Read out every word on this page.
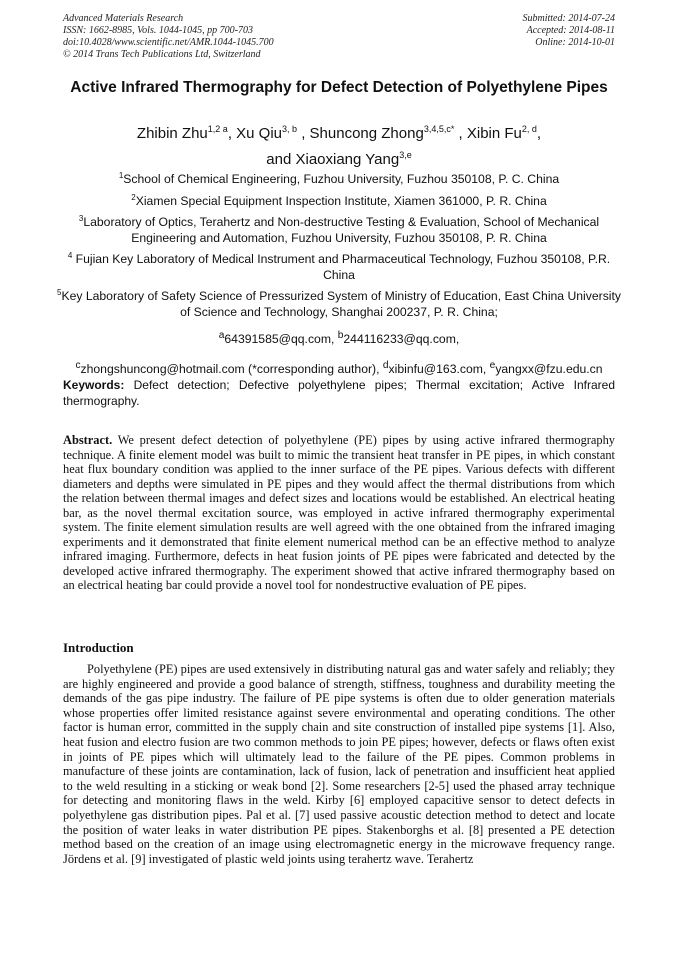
Advanced Materials Research
ISSN: 1662-8985, Vols. 1044-1045, pp 700-703
doi:10.4028/www.scientific.net/AMR.1044-1045.700
© 2014 Trans Tech Publications Ltd, Switzerland
Submitted: 2014-07-24
Accepted: 2014-08-11
Online: 2014-10-01
Active Infrared Thermography for Defect Detection of Polyethylene Pipes
Zhibin Zhu$^{1,2 a}$, Xu Qiu$^{3, b}$ , Shuncong Zhong$^{3,4,5,c*}$ , Xibin Fu$^{2, d}$,
and Xiaoxiang Yang$^{3,e}$
$^1$School of Chemical Engineering, Fuzhou University, Fuzhou 350108, P. C. China
$^2$Xiamen Special Equipment Inspection Institute, Xiamen 361000, P. R. China
$^3$Laboratory of Optics, Terahertz and Non-destructive Testing & Evaluation, School of Mechanical Engineering and Automation, Fuzhou University, Fuzhou 350108, P. R. China
$^4$ Fujian Key Laboratory of Medical Instrument and Pharmaceutical Technology, Fuzhou 350108, P.R. China
$^5$Key Laboratory of Safety Science of Pressurized System of Ministry of Education, East China University of Science and Technology, Shanghai 200237, P. R. China;
$^a$64391585@qq.com, $^b$244116233@qq.com,
$^c$zhongshuncong@hotmail.com (*corresponding author), $^d$xibinfu@163.com, $^e$yangxx@fzu.edu.cn
Keywords: Defect detection; Defective polyethylene pipes; Thermal excitation; Active Infrared thermography.
Abstract. We present defect detection of polyethylene (PE) pipes by using active infrared thermography technique. A finite element model was built to mimic the transient heat transfer in PE pipes, in which constant heat flux boundary condition was applied to the inner surface of the PE pipes. Various defects with different diameters and depths were simulated in PE pipes and they would affect the thermal distributions from which the relation between thermal images and defect sizes and locations would be established. An electrical heating bar, as the novel thermal excitation source, was employed in active infrared thermography experimental system. The finite element simulation results are well agreed with the one obtained from the infrared imaging experiments and it demonstrated that finite element numerical method can be an effective method to analyze infrared imaging. Furthermore, defects in heat fusion joints of PE pipes were fabricated and detected by the developed active infrared thermography. The experiment showed that active infrared thermography based on an electrical heating bar could provide a novel tool for nondestructive evaluation of PE pipes.
Introduction
Polyethylene (PE) pipes are used extensively in distributing natural gas and water safely and reliably; they are highly engineered and provide a good balance of strength, stiffness, toughness and durability meeting the demands of the gas pipe industry. The failure of PE pipe systems is often due to older generation materials whose properties offer limited resistance against severe environmental and operating conditions. The other factor is human error, committed in the supply chain and site construction of installed pipe systems [1]. Also, heat fusion and electro fusion are two common methods to join PE pipes; however, defects or flaws often exist in joints of PE pipes which will ultimately lead to the failure of the PE pipes. Common problems in manufacture of these joints are contamination, lack of fusion, lack of penetration and insufficient heat applied to the weld resulting in a sticking or weak bond [2]. Some researchers [2-5] used the phased array technique for detecting and monitoring flaws in the weld. Kirby [6] employed capacitive sensor to detect defects in polyethylene gas distribution pipes. Pal et al. [7] used passive acoustic detection method to detect and locate the position of water leaks in water distribution PE pipes. Stakenborghs et al. [8] presented a PE detection method based on the creation of an image using electromagnetic energy in the microwave frequency range. Jördens et al. [9] investigated of plastic weld joints using terahertz wave. Terahertz
